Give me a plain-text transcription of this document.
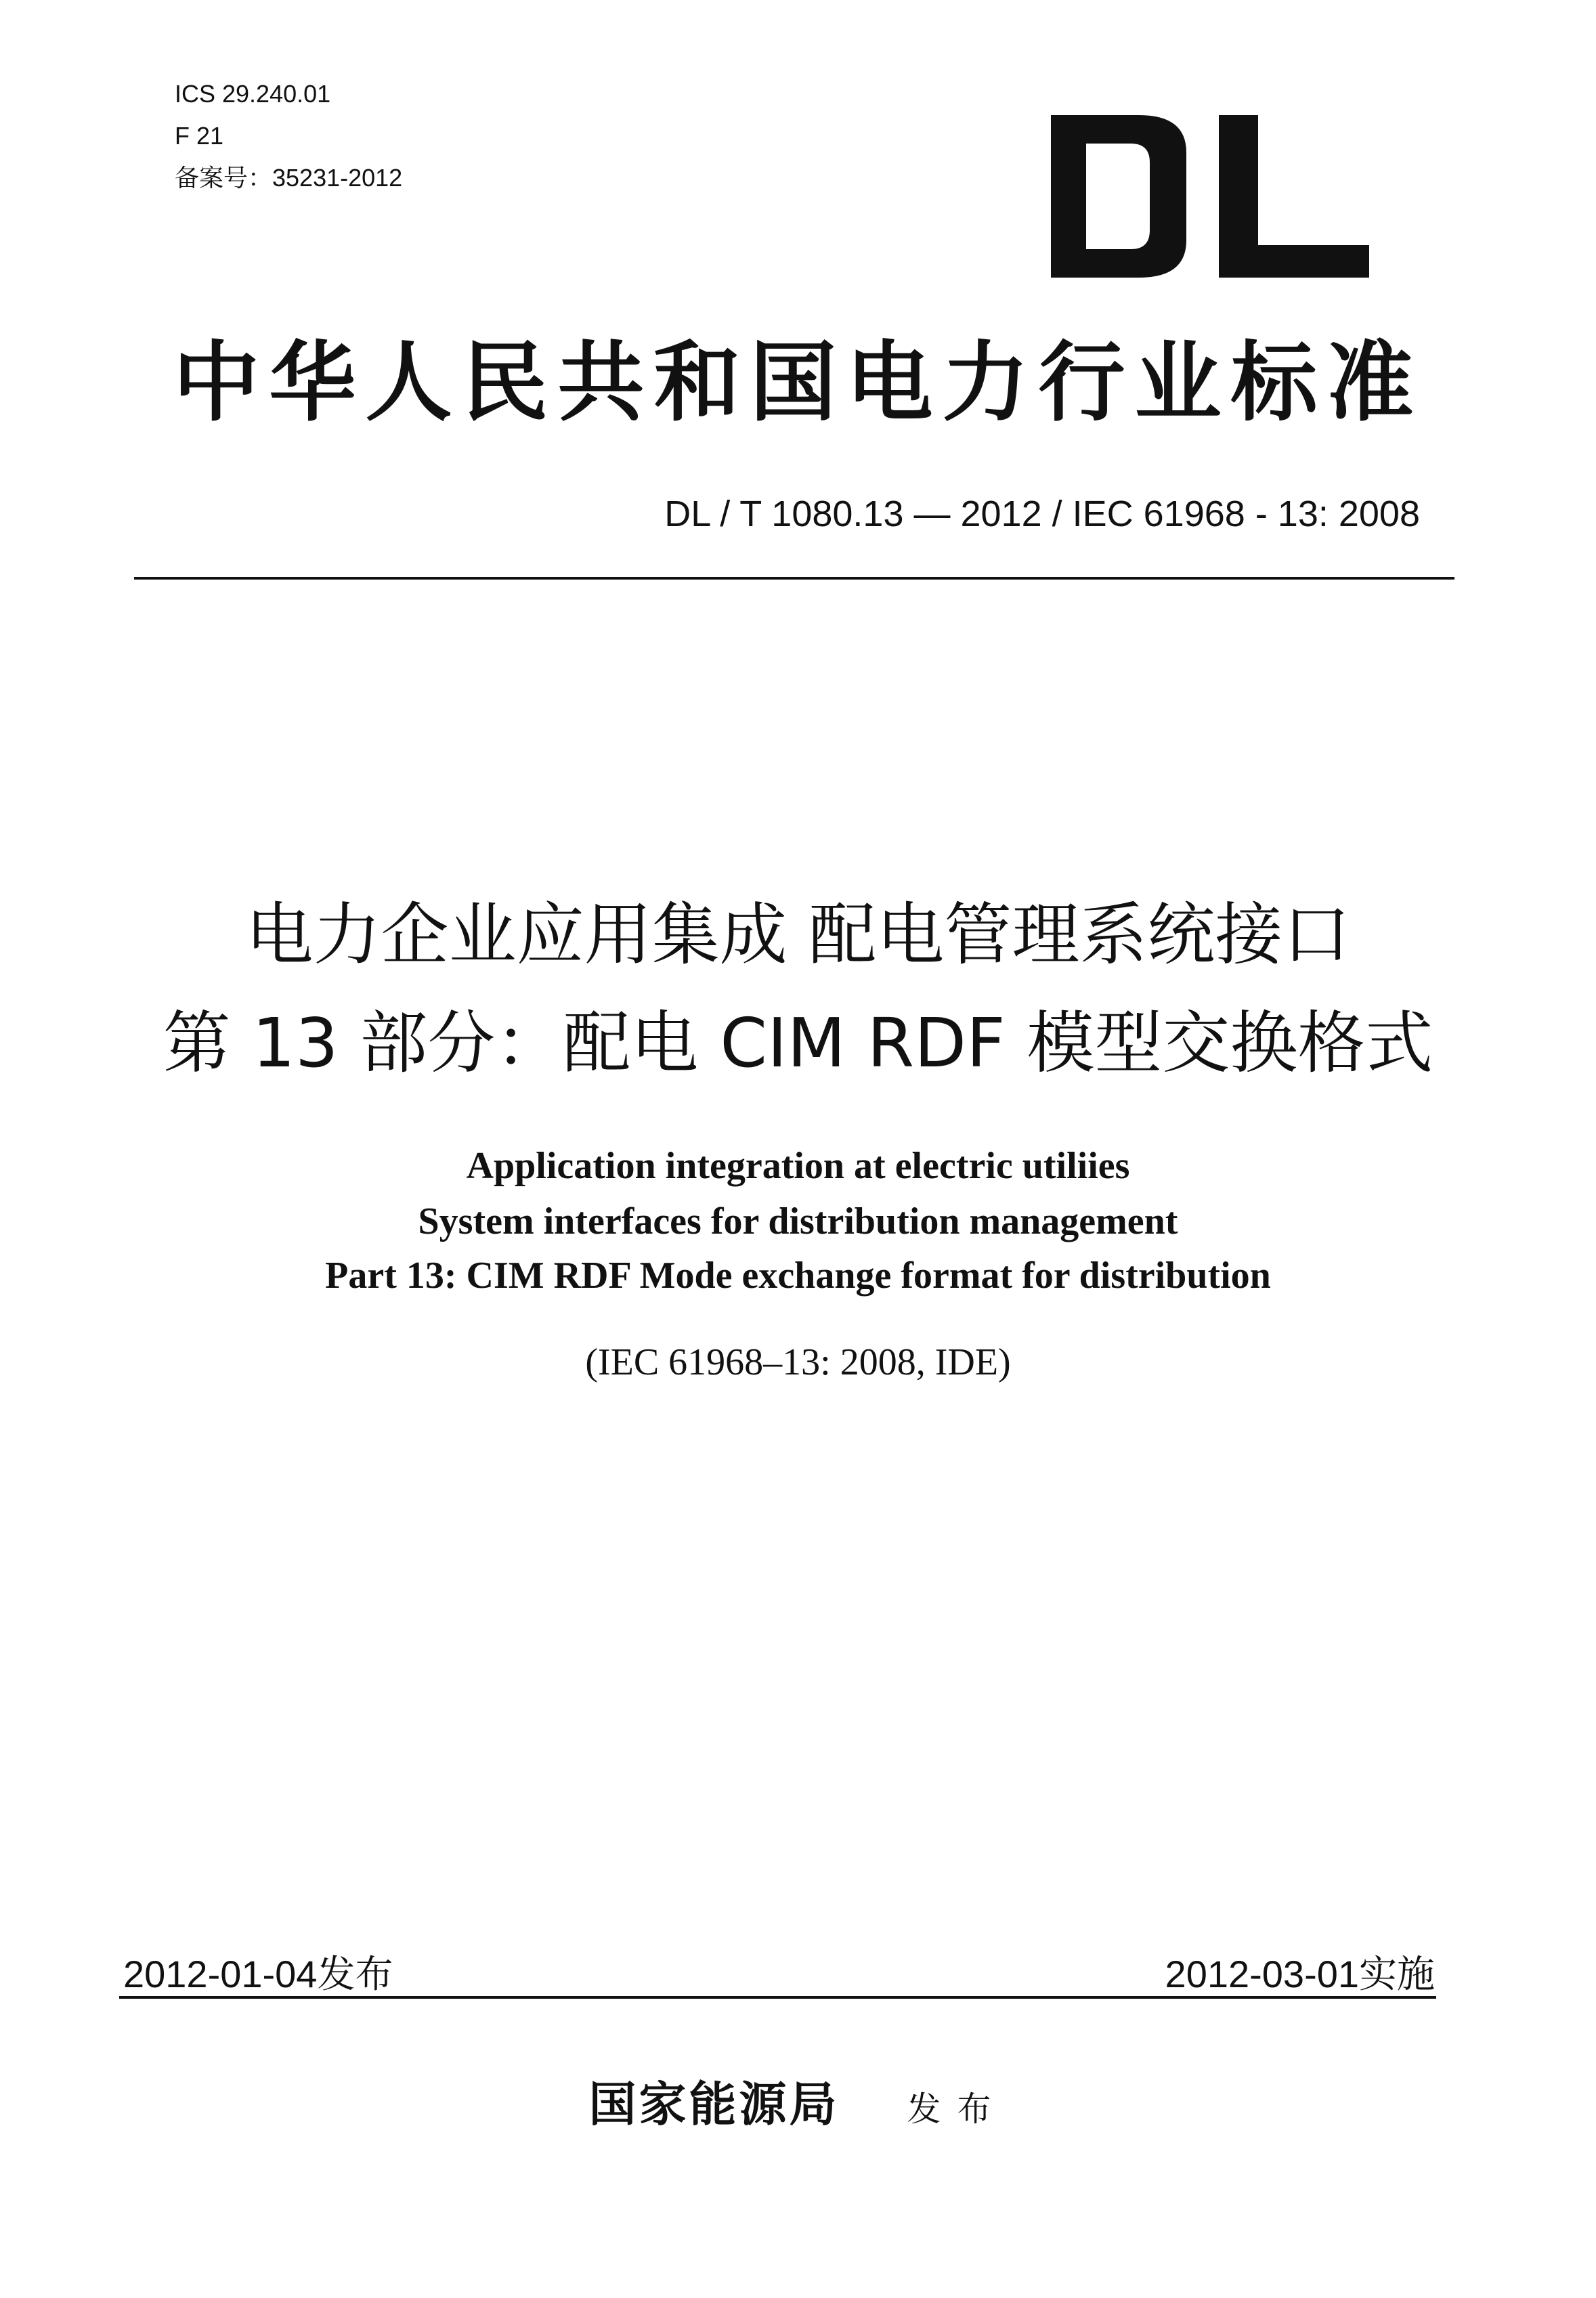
ICS 29.240.01
F 21
备案号：35231-2012
中华人民共和国电力行业标准
DL / T 1080.13 — 2012 / IEC 61968 - 13: 2008
电力企业应用集成 配电管理系统接口
第 13 部分：配电 CIM RDF 模型交换格式
Application integration at electric utiliies
System interfaces for distribution management
Part 13: CIM RDF Mode exchange format for distribution
(IEC 61968–13: 2008, IDE)
2012-01-04发布	2012-03-01实施
国家能源局 发布
